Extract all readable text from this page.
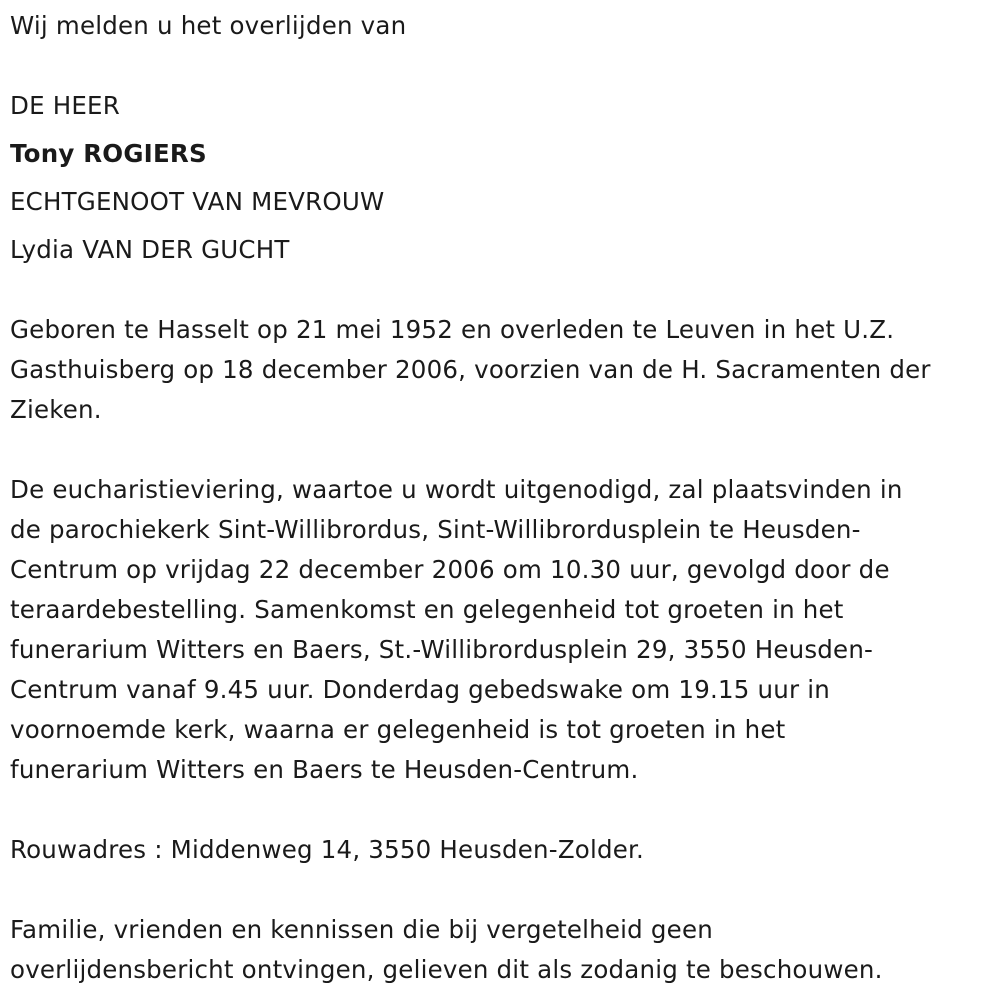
Wij melden u het overlijden van
DE HEER
Tony ROGIERS
ECHTGENOOT VAN MEVROUW
Lydia VAN DER GUCHT
Geboren te Hasselt op 21 mei 1952 en overleden te Leuven in het U.Z.
Gasthuisberg op 18 december 2006, voorzien van de H. Sacramenten der
Zieken.
De eucharistieviering, waartoe u wordt uitgenodigd, zal plaatsvinden in
de parochiekerk Sint-Willibrordus, Sint-Willibrordusplein te Heusden-
Centrum op vrijdag 22 december 2006 om 10.30 uur, gevolgd door de
teraardebestelling. Samenkomst en gelegenheid tot groeten in het
funerarium Witters en Baers, St.-Willibrordusplein 29, 3550 Heusden-
Centrum vanaf 9.45 uur. Donderdag gebedswake om 19.15 uur in
voornoemde kerk, waarna er gelegenheid is tot groeten in het
funerarium Witters en Baers te Heusden-Centrum.
Rouwadres : Middenweg 14, 3550 Heusden-Zolder.
Familie, vrienden en kennissen die bij vergetelheid geen
overlijdensbericht ontvingen, gelieven dit als zodanig te beschouwen.
